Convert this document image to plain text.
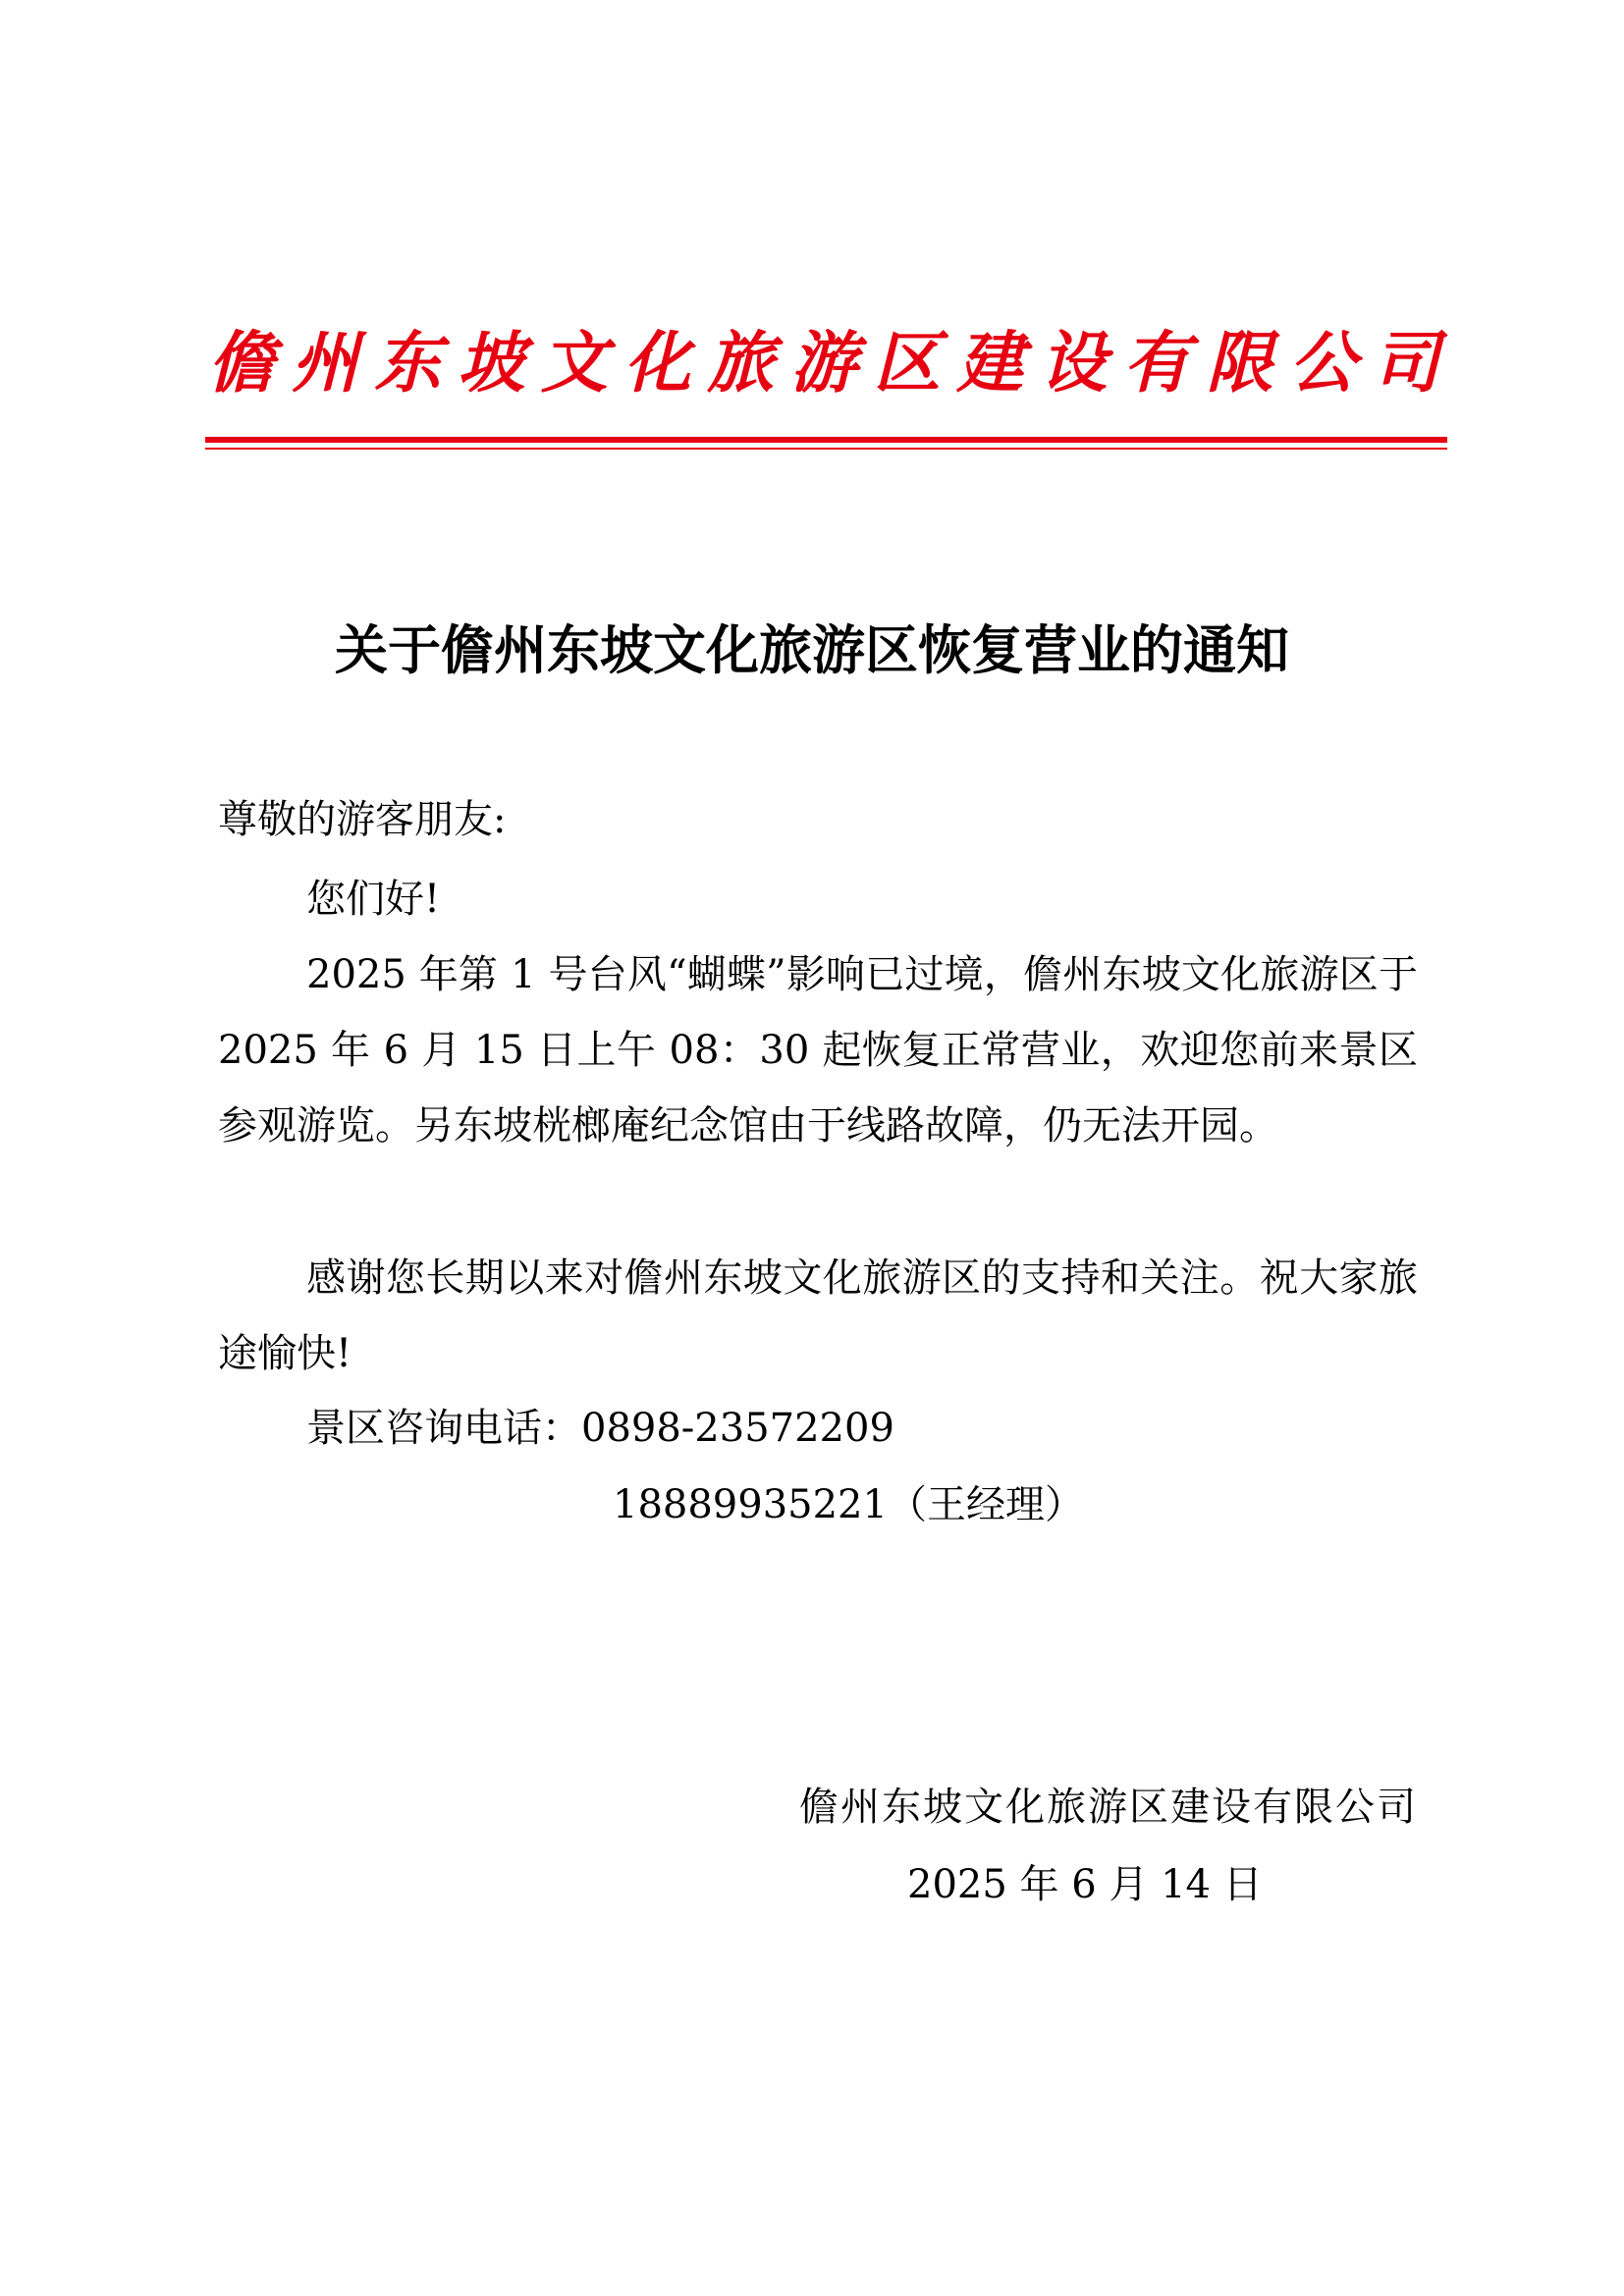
儋州东坡文化旅游区建设有限公司
关于儋州东坡文化旅游区恢复营业的通知
尊敬的游客朋友:

您们好!

2025 年第 1 号台风“蝴蝶”影响已过境，儋州东坡文化旅游区于 2025 年 6 月 15 日上午 08：30 起恢复正常营业，欢迎您前来景区参观游览。另东坡桄榔庵纪念馆由于线路故障，仍无法开园。

感谢您长期以来对儋州东坡文化旅游区的支持和关注。祝大家旅途愉快!

景区咨询电话：0898-23572209
18889935221（王经理）
儋州东坡文化旅游区建设有限公司
2025 年 6 月 14 日
